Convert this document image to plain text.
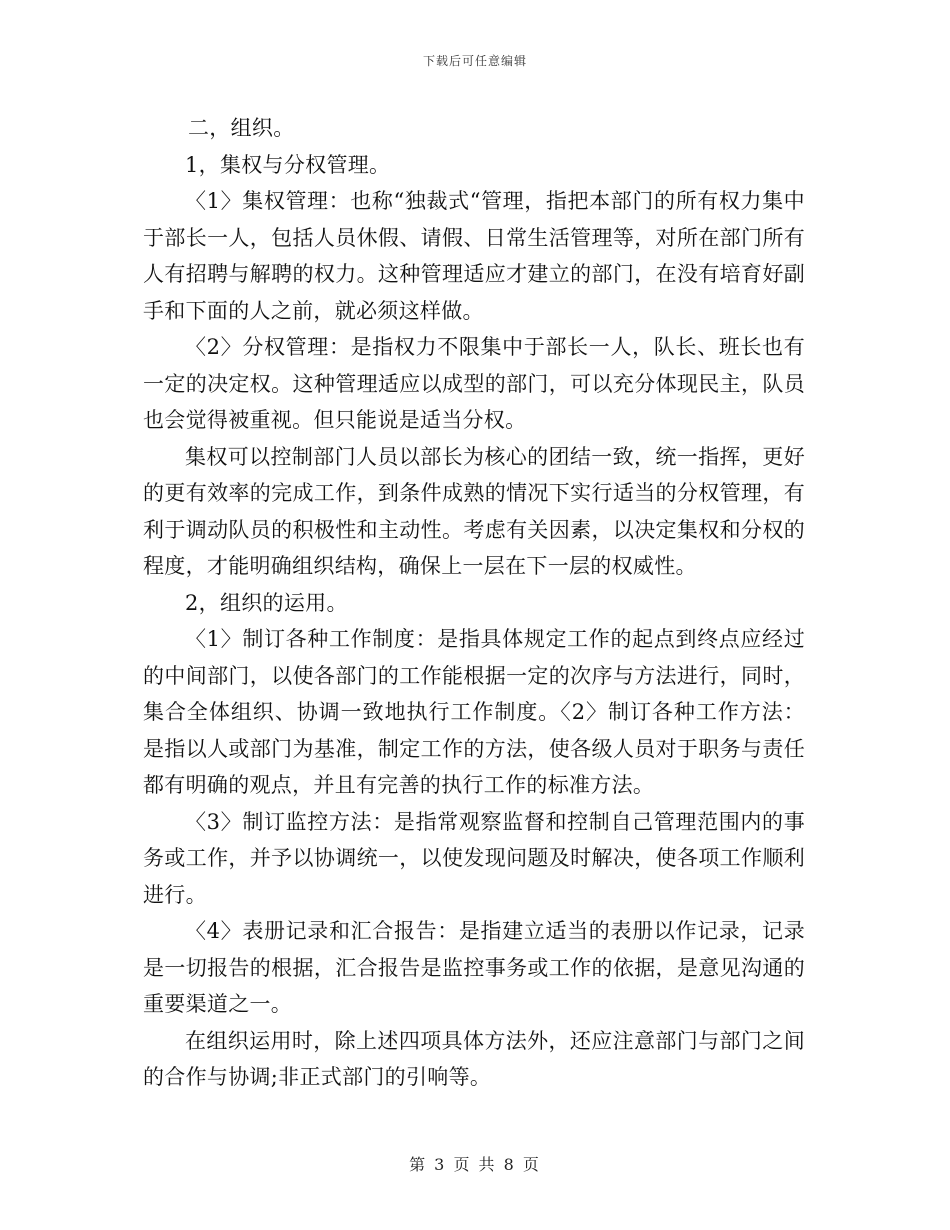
下载后可任意编辑

二，组织。

1，集权与分权管理。

〈1〉集权管理：也称“独裁式“管理，指把本部门的所有权力集中于部长一人，包括人员休假、请假、日常生活管理等，对所在部门所有人有招聘与解聘的权力。这种管理适应才建立的部门，在没有培育好副手和下面的人之前，就必须这样做。

〈2〉分权管理：是指权力不限集中于部长一人，队长、班长也有一定的决定权。这种管理适应以成型的部门，可以充分体现民主，队员也会觉得被重视。但只能说是适当分权。

集权可以控制部门人员以部长为核心的团结一致，统一指挥，更好的更有效率的完成工作，到条件成熟的情况下实行适当的分权管理，有利于调动队员的积极性和主动性。考虑有关因素，以决定集权和分权的程度，才能明确组织结构，确保上一层在下一层的权威性。

2，组织的运用。

〈1〉制订各种工作制度：是指具体规定工作的起点到终点应经过的中间部门，以使各部门的工作能根据一定的次序与方法进行，同时，集合全体组织、协调一致地执行工作制度。〈2〉制订各种工作方法：是指以人或部门为基准，制定工作的方法，使各级人员对于职务与责任都有明确的观点，并且有完善的执行工作的标准方法。

〈3〉制订监控方法：是指常观察监督和控制自己管理范围内的事务或工作，并予以协调统一，以使发现问题及时解决，使各项工作顺利进行。

〈4〉表册记录和汇合报告：是指建立适当的表册以作记录，记录是一切报告的根据，汇合报告是监控事务或工作的依据，是意见沟通的重要渠道之一。

在组织运用时，除上述四项具体方法外，还应注意部门与部门之间的合作与协调;非正式部门的引响等。

第 3 页 共 8 页
